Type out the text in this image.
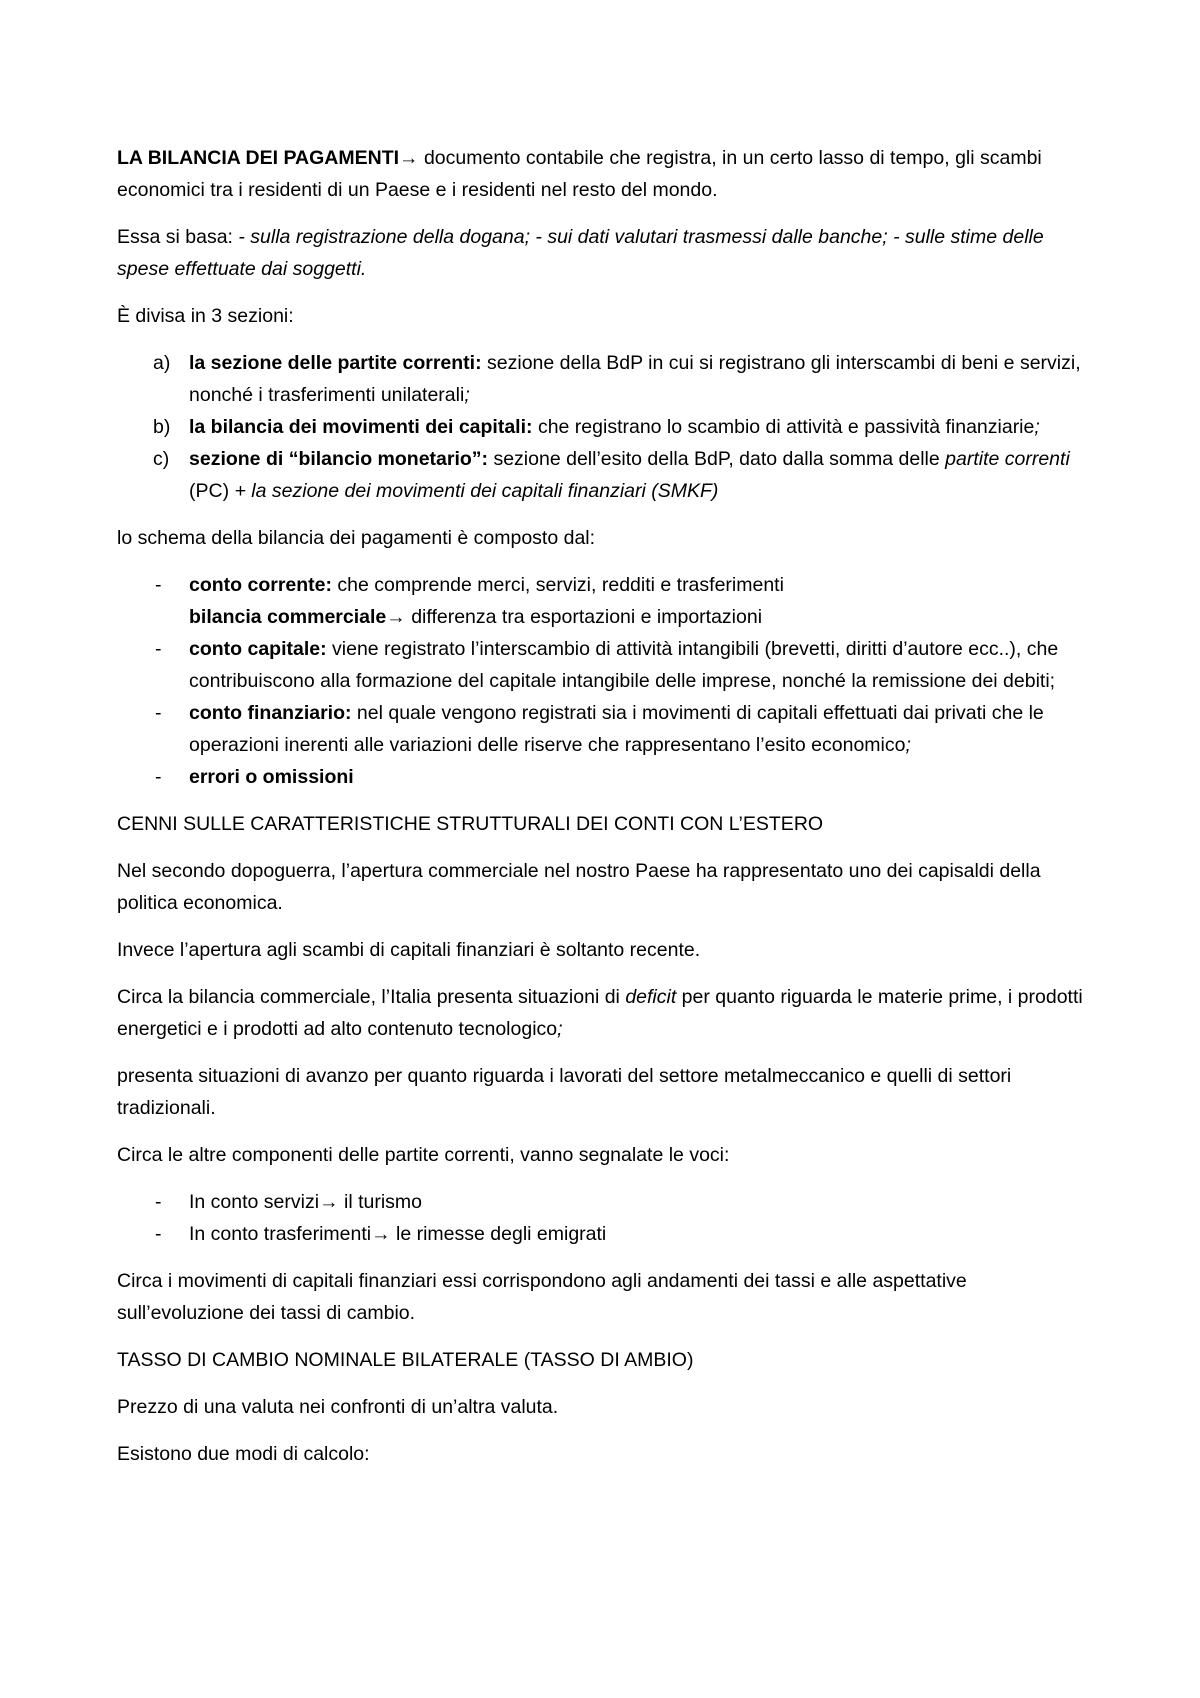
LA BILANCIA DEI PAGAMENTI→ documento contabile che registra, in un certo lasso di tempo, gli scambi economici tra i residenti di un Paese e i residenti nel resto del mondo.

Essa si basa: - sulla registrazione della dogana; - sui dati valutari trasmessi dalle banche; - sulle stime delle spese effettuate dai soggetti.

È divisa in 3 sezioni:

a) la sezione delle partite correnti: sezione della BdP in cui si registrano gli interscambi di beni e servizi, nonché i trasferimenti unilaterali;
b) la bilancia dei movimenti dei capitali: che registrano lo scambio di attività e passività finanziarie;
c) sezione di “bilancio monetario”: sezione dell’esito della BdP, dato dalla somma delle partite correnti (PC) + la sezione dei movimenti dei capitali finanziari (SMKF)

lo schema della bilancia dei pagamenti è composto dal:

- conto corrente: che comprende merci, servizi, redditi e trasferimenti
bilancia commerciale→ differenza tra esportazioni e importazioni
- conto capitale: viene registrato l’interscambio di attività intangibili (brevetti, diritti d’autore ecc..), che contribuiscono alla formazione del capitale intangibile delle imprese, nonché la remissione dei debiti;
- conto finanziario: nel quale vengono registrati sia i movimenti di capitali effettuati dai privati che le operazioni inerenti alle variazioni delle riserve che rappresentano l’esito economico;
- errori o omissioni

CENNI SULLE CARATTERISTICHE STRUTTURALI DEI CONTI CON L’ESTERO

Nel secondo dopoguerra, l’apertura commerciale nel nostro Paese ha rappresentato uno dei capisaldi della politica economica.

Invece l’apertura agli scambi di capitali finanziari è soltanto recente.

Circa la bilancia commerciale, l’Italia presenta situazioni di deficit per quanto riguarda le materie prime, i prodotti energetici e i prodotti ad alto contenuto tecnologico;

presenta situazioni di avanzo per quanto riguarda i lavorati del settore metalmeccanico e quelli di settori tradizionali.

Circa le altre componenti delle partite correnti, vanno segnalate le voci:

- In conto servizi→ il turismo
- In conto trasferimenti→ le rimesse degli emigrati

Circa i movimenti di capitali finanziari essi corrispondono agli andamenti dei tassi e alle aspettative sull’evoluzione dei tassi di cambio.

TASSO DI CAMBIO NOMINALE BILATERALE (TASSO DI AMBIO)

Prezzo di una valuta nei confronti di un’altra valuta.

Esistono due modi di calcolo:
